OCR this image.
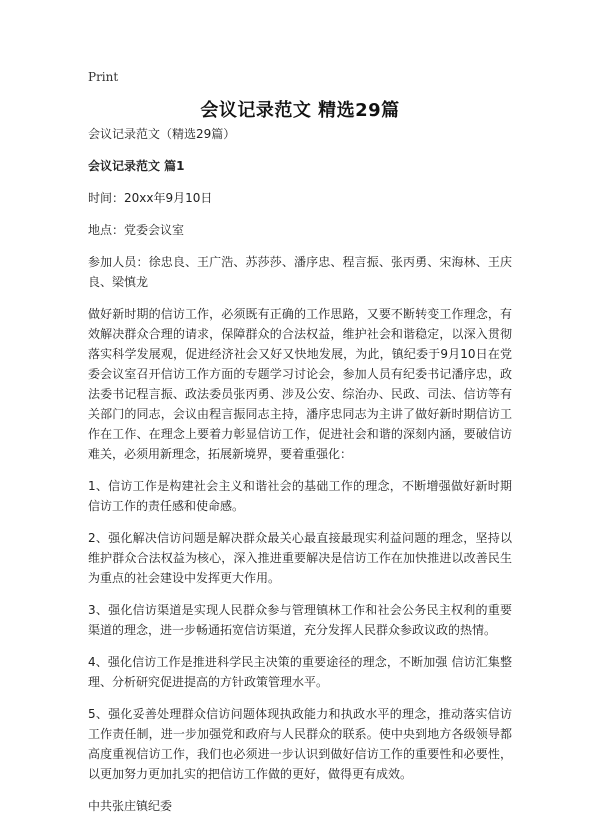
Print
会议记录范文 精选29篇

会议记录范文（精选29篇）

会议记录范文 篇1

时间：20xx年9月10日

地点：党委会议室

参加人员：徐忠良、王广浩、苏莎莎、潘序忠、程言振、张丙勇、宋海林、王庆良、梁慎龙

做好新时期的信访工作，必须既有正确的工作思路，又要不断转变工作理念，有效解决群众合理的请求，保障群众的合法权益，维护社会和谐稳定，以深入贯彻落实科学发展观，促进经济社会又好又快地发展，为此，镇纪委于9月10日在党委会议室召开信访工作方面的专题学习讨论会，参加人员有纪委书记潘序忠，政法委书记程言振、政法委员张丙勇、涉及公安、综治办、民政、司法、信访等有关部门的同志，会议由程言振同志主持，潘序忠同志为主讲了做好新时期信访工作在工作、在理念上要着力彰显信访工作，促进社会和谐的深刻内涵，要破信访难关，必须用新理念，拓展新境界，要着重强化：

1、信访工作是构建社会主义和谐社会的基础工作的理念，不断增强做好新时期信访工作的责任感和使命感。

2、强化解决信访问题是解决群众最关心最直接最现实利益问题的理念，坚持以维护群众合法权益为核心，深入推进重要解决是信访工作在加快推进以改善民生为重点的社会建设中发挥更大作用。

3、强化信访渠道是实现人民群众参与管理镇林工作和社会公务民主权利的重要渠道的理念，进一步畅通拓宽信访渠道，充分发挥人民群众参政议政的热情。

4、强化信访工作是推进科学民主决策的重要途径的理念，不断加强 信访汇集整理、分析研究促进提高的方针政策管理水平。

5、强化妥善处理群众信访问题体现执政能力和执政水平的理念，推动落实信访工作责任制，进一步加强党和政府与人民群众的联系。使中央到地方各级领导都高度重视信访工作，我们也必须进一步认识到做好信访工作的重要性和必要性，以更加努力更加扎实的把信访工作做的更好，做得更有成效。

中共张庄镇纪委
